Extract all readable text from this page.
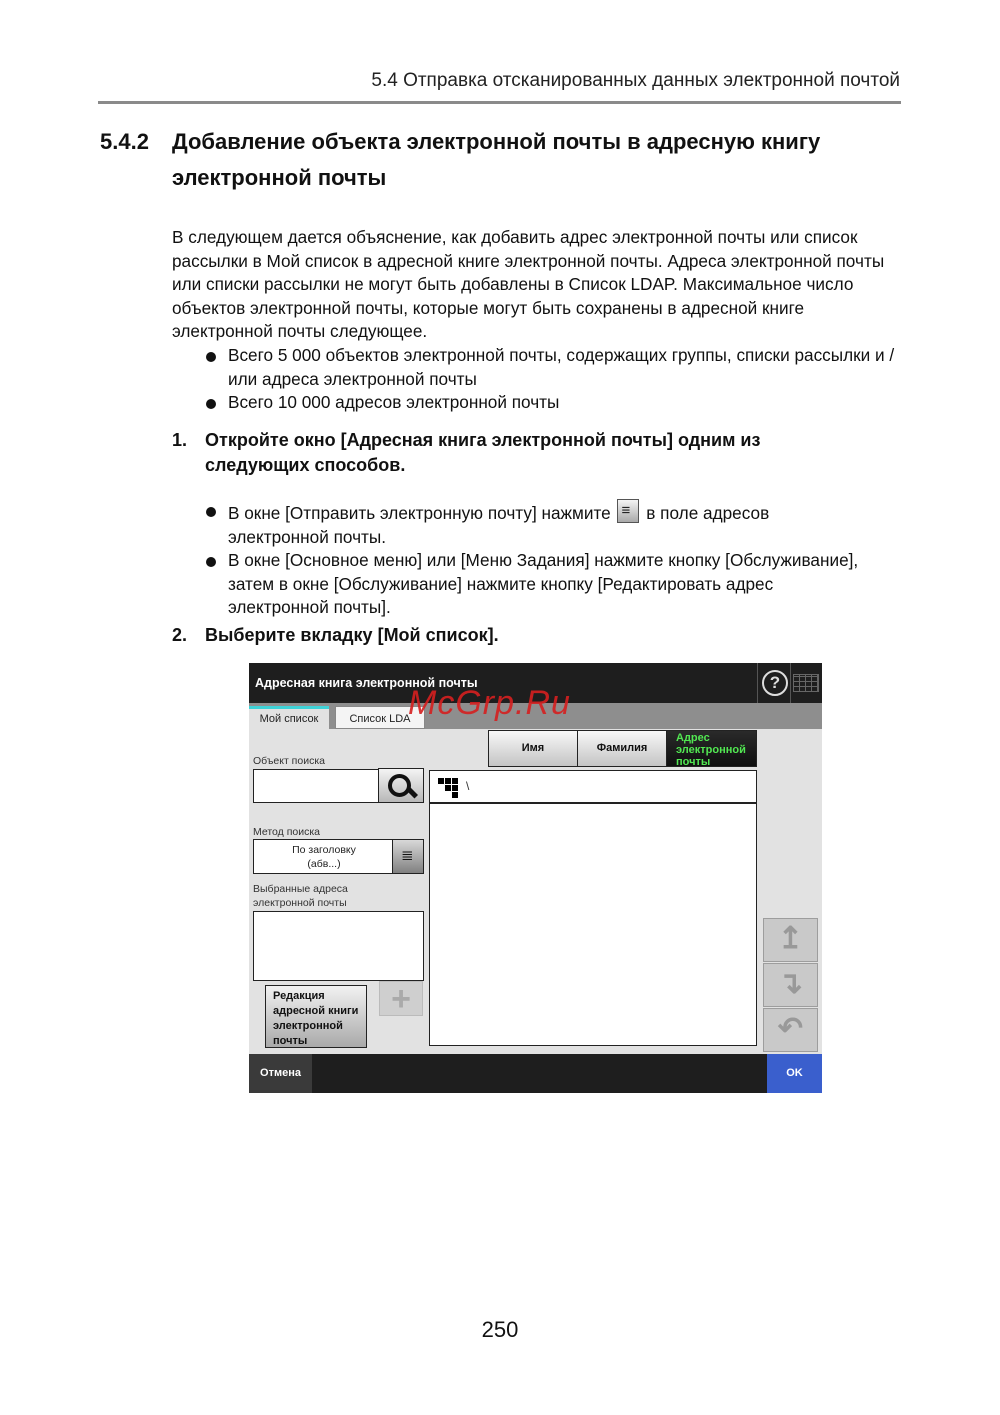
5.4 Отправка отсканированных данных электронной почтой
5.4.2 Добавление объекта электронной почты в адресную книгу электронной почты
В следующем дается объяснение, как добавить адрес электронной почты или список рассылки в Мой список в адресной книге электронной почты. Адреса электронной почты или списки рассылки не могут быть добавлены в Список LDAP. Максимальное число объектов электронной почты, которые могут быть сохранены в адресной книге электронной почты следующее.
Всего 5 000 объектов электронной почты, содержащих группы, списки рассылки и / или адреса электронной почты
Всего 10 000 адресов электронной почты
1. Откройте окно [Адресная книга электронной почты] одним из следующих способов.
В окне [Отправить электронную почту] нажмите ≡ в поле адресов электронной почты.
В окне [Основное меню] или [Меню Задания] нажмите кнопку [Обслуживание], затем в окне [Обслуживание] нажмите кнопку [Редактировать адрес электронной почты].
2. Выберите вкладку [Мой список].
Адресная книга электронной почты	?
Мой список	Список LDA
Имя	Фамилия
Адрес электронной почты
Объект поиска
\
Метод поиска
По заголовку
(абв...)	≣
Выбранные адреса
электронной почты
Редакция адресной книги электронной почты
+
↥
↴
↶
Отмена	OK
McGrp.Ru
250
